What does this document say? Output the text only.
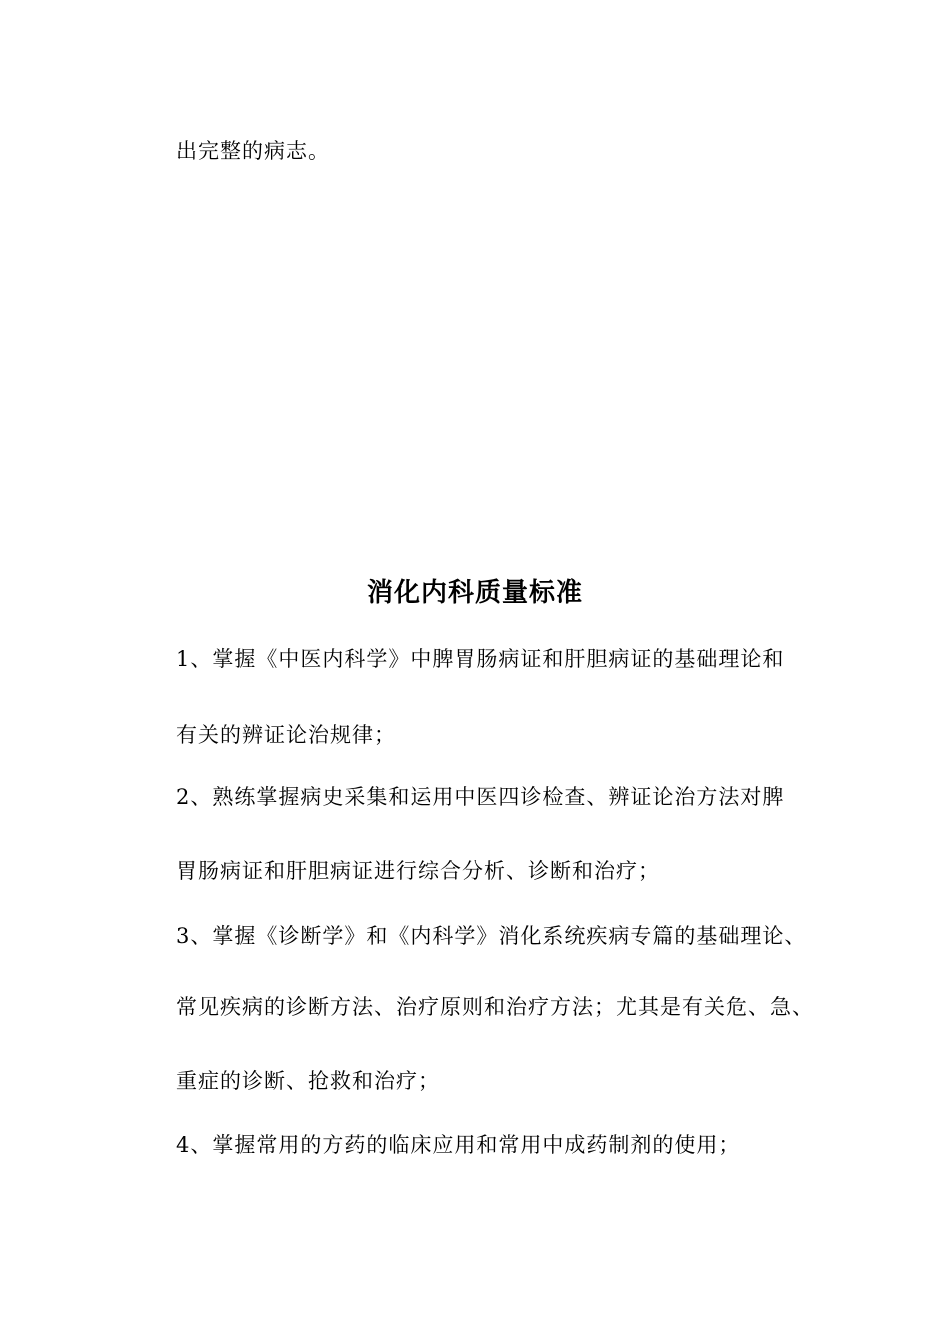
出完整的病志。
消化内科质量标准
1、掌握《中医内科学》中脾胃肠病证和肝胆病证的基础理论和
有关的辨证论治规律；
2、熟练掌握病史采集和运用中医四诊检查、辨证论治方法对脾
胃肠病证和肝胆病证进行综合分析、诊断和治疗；
3、掌握《诊断学》和《内科学》消化系统疾病专篇的基础理论、
常见疾病的诊断方法、治疗原则和治疗方法；尤其是有关危、急、
重症的诊断、抢救和治疗；
4、掌握常用的方药的临床应用和常用中成药制剂的使用；
